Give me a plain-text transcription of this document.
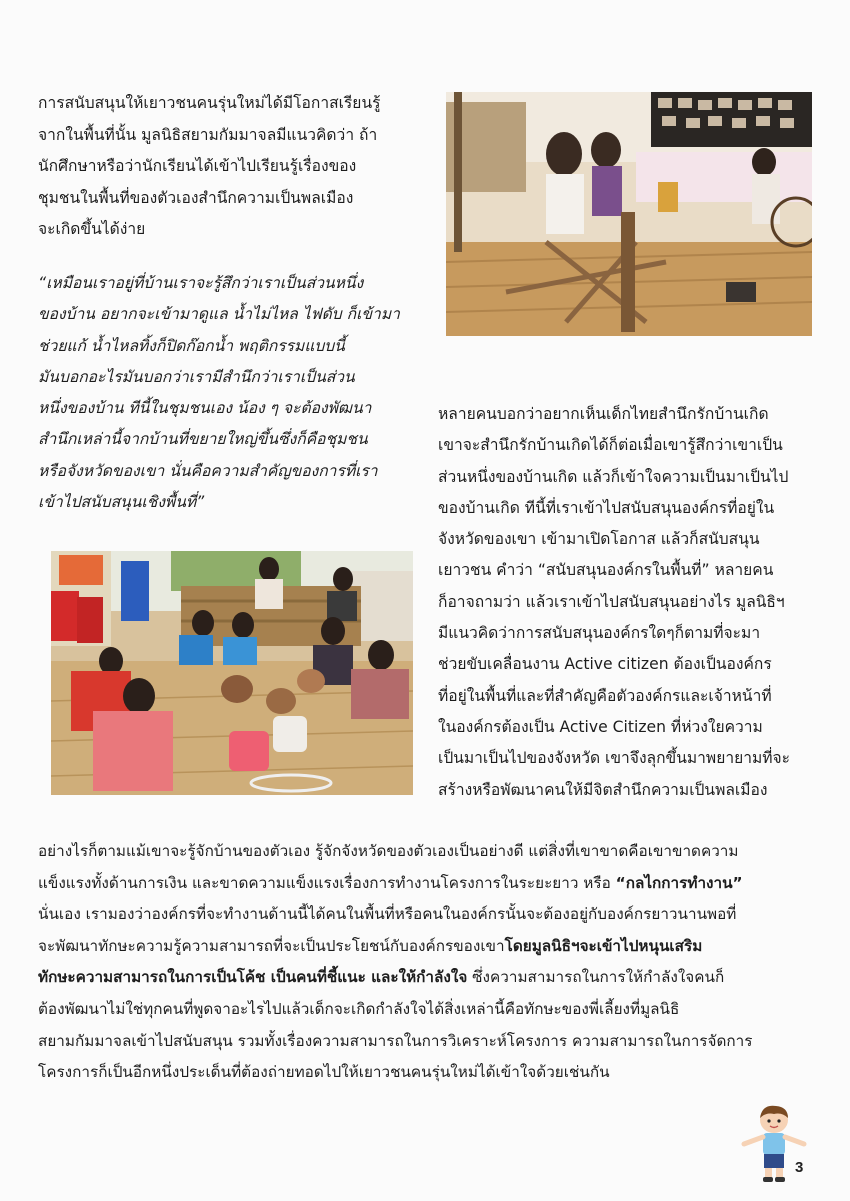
การสนับสนุนให้เยาวชนคนรุ่นใหม่ได้มีโอกาสเรียนรู้
จากในพื้นที่นั้น มูลนิธิสยามกัมมาจลมีแนวคิดว่า ถ้า
นักศึกษาหรือว่านักเรียนได้เข้าไปเรียนรู้เรื่องของ
ชุมชนในพื้นที่ของตัวเองสำนึกความเป็นพลเมือง
จะเกิดขึ้นได้ง่าย
“เหมือนเราอยู่ที่บ้านเราจะรู้สึกว่าเราเป็นส่วนหนึ่ง
ของบ้าน อยากจะเข้ามาดูแล น้ำไม่ไหล ไฟดับ ก็เข้ามา
ช่วยแก้ น้ำไหลทิ้งก็ปิดก๊อกน้ำ พฤติกรรมแบบนี้
มันบอกอะไรมันบอกว่าเรามีสำนึกว่าเราเป็นส่วน
หนึ่งของบ้าน ทีนี้ในชุมชนเอง น้อง ๆ จะต้องพัฒนา
สำนึกเหล่านี้จากบ้านที่ขยายใหญ่ขึ้นซึ่งก็คือชุมชน
หรือจังหวัดของเขา นั่นคือความสำคัญของการที่เรา
เข้าไปสนับสนุนเชิงพื้นที่”
หลายคนบอกว่าอยากเห็นเด็กไทยสำนึกรักบ้านเกิด
เขาจะสำนึกรักบ้านเกิดได้ก็ต่อเมื่อเขารู้สึกว่าเขาเป็น
ส่วนหนึ่งของบ้านเกิด แล้วก็เข้าใจความเป็นมาเป็นไป
ของบ้านเกิด ทีนี้ที่เราเข้าไปสนับสนุนองค์กรที่อยู่ใน
จังหวัดของเขา เข้ามาเปิดโอกาส แล้วก็สนับสนุน
เยาวชน คำว่า “สนับสนุนองค์กรในพื้นที่” หลายคน
ก็อาจถามว่า แล้วเราเข้าไปสนับสนุนอย่างไร มูลนิธิฯ
มีแนวคิดว่าการสนับสนุนองค์กรใดๆก็ตามที่จะมา
ช่วยขับเคลื่อนงาน Active citizen ต้องเป็นองค์กร
ที่อยู่ในพื้นที่และที่สำคัญคือตัวองค์กรและเจ้าหน้าที่
ในองค์กรต้องเป็น Active Citizen ที่ห่วงใยความ
เป็นมาเป็นไปของจังหวัด เขาจึงลุกขึ้นมาพยายามที่จะ
สร้างหรือพัฒนาคนให้มีจิตสำนึกความเป็นพลเมือง
อย่างไรก็ตามแม้เขาจะรู้จักบ้านของตัวเอง รู้จักจังหวัดของตัวเองเป็นอย่างดี แต่สิ่งที่เขาขาดคือเขาขาดความ
แข็งแรงทั้งด้านการเงิน และขาดความแข็งแรงเรื่องการทำงานโครงการในระยะยาว หรือ “กลไกการทำงาน”
นั่นเอง เรามองว่าองค์กรที่จะทำงานด้านนี้ได้คนในพื้นที่หรือคนในองค์กรนั้นจะต้องอยู่กับองค์กรยาวนานพอที่
จะพัฒนาทักษะความรู้ความสามารถที่จะเป็นประโยชน์กับองค์กรของเขาโดยมูลนิธิฯจะเข้าไปหนุนเสริม
ทักษะความสามารถในการเป็นโค้ช เป็นคนที่ชี้แนะ และให้กำลังใจ ซึ่งความสามารถในการให้กำลังใจคนก็
ต้องพัฒนาไม่ใช่ทุกคนที่พูดจาอะไรไปแล้วเด็กจะเกิดกำลังใจได้สิ่งเหล่านี้คือทักษะของพี่เลี้ยงที่มูลนิธิ
สยามกัมมาจลเข้าไปสนับสนุน รวมทั้งเรื่องความสามารถในการวิเคราะห์โครงการ ความสามารถในการจัดการ
โครงการก็เป็นอีกหนึ่งประเด็นที่ต้องถ่ายทอดไปให้เยาวชนคนรุ่นใหม่ได้เข้าใจด้วยเช่นกัน
3
